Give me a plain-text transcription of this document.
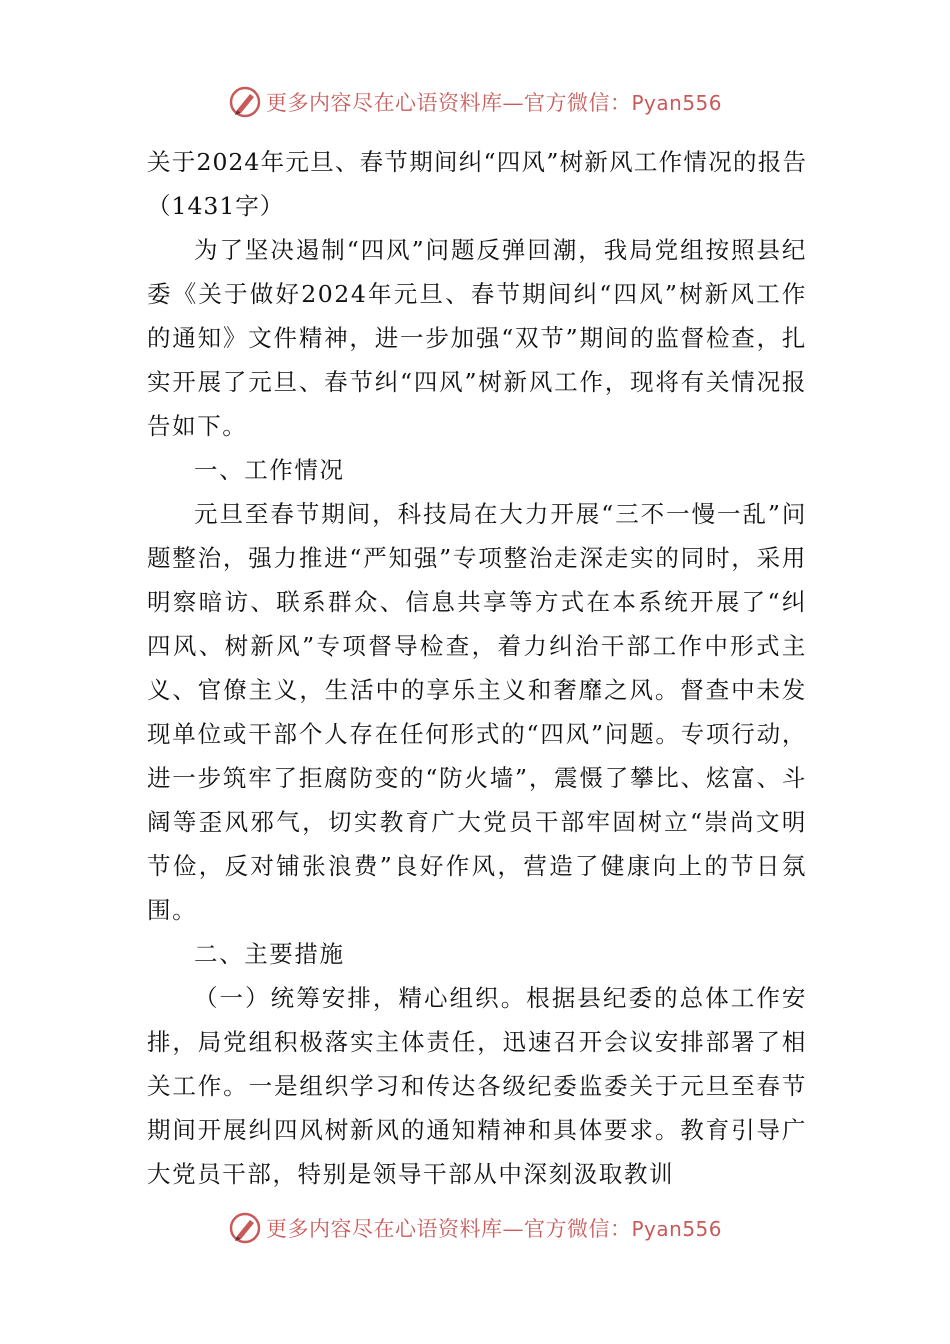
更多内容尽在心语资料库—官方微信：Pyan556

关于2024年元旦、春节期间纠“四风”树新风工作情况的报告（1431字）

为了坚决遏制“四风”问题反弹回潮，我局党组按照县纪委《关于做好2024年元旦、春节期间纠“四风”树新风工作的通知》文件精神，进一步加强“双节”期间的监督检查，扎实开展了元旦、春节纠“四风”树新风工作，现将有关情况报告如下。

一、工作情况

元旦至春节期间，科技局在大力开展“三不一慢一乱”问题整治，强力推进“严知强”专项整治走深走实的同时，采用明察暗访、联系群众、信息共享等方式在本系统开展了“纠四风、树新风”专项督导检查，着力纠治干部工作中形式主义、官僚主义，生活中的享乐主义和奢靡之风。督查中未发现单位或干部个人存在任何形式的“四风”问题。专项行动，进一步筑牢了拒腐防变的“防火墙”，震慑了攀比、炫富、斗阔等歪风邪气，切实教育广大党员干部牢固树立“崇尚文明节俭，反对铺张浪费”良好作风，营造了健康向上的节日氛围。

二、主要措施

（一）统筹安排，精心组织。根据县纪委的总体工作安排，局党组积极落实主体责任，迅速召开会议安排部署了相关工作。一是组织学习和传达各级纪委监委关于元旦至春节期间开展纠四风树新风的通知精神和具体要求。教育引导广大党员干部，特别是领导干部从中深刻汲取教训

更多内容尽在心语资料库—官方微信：Pyan556
